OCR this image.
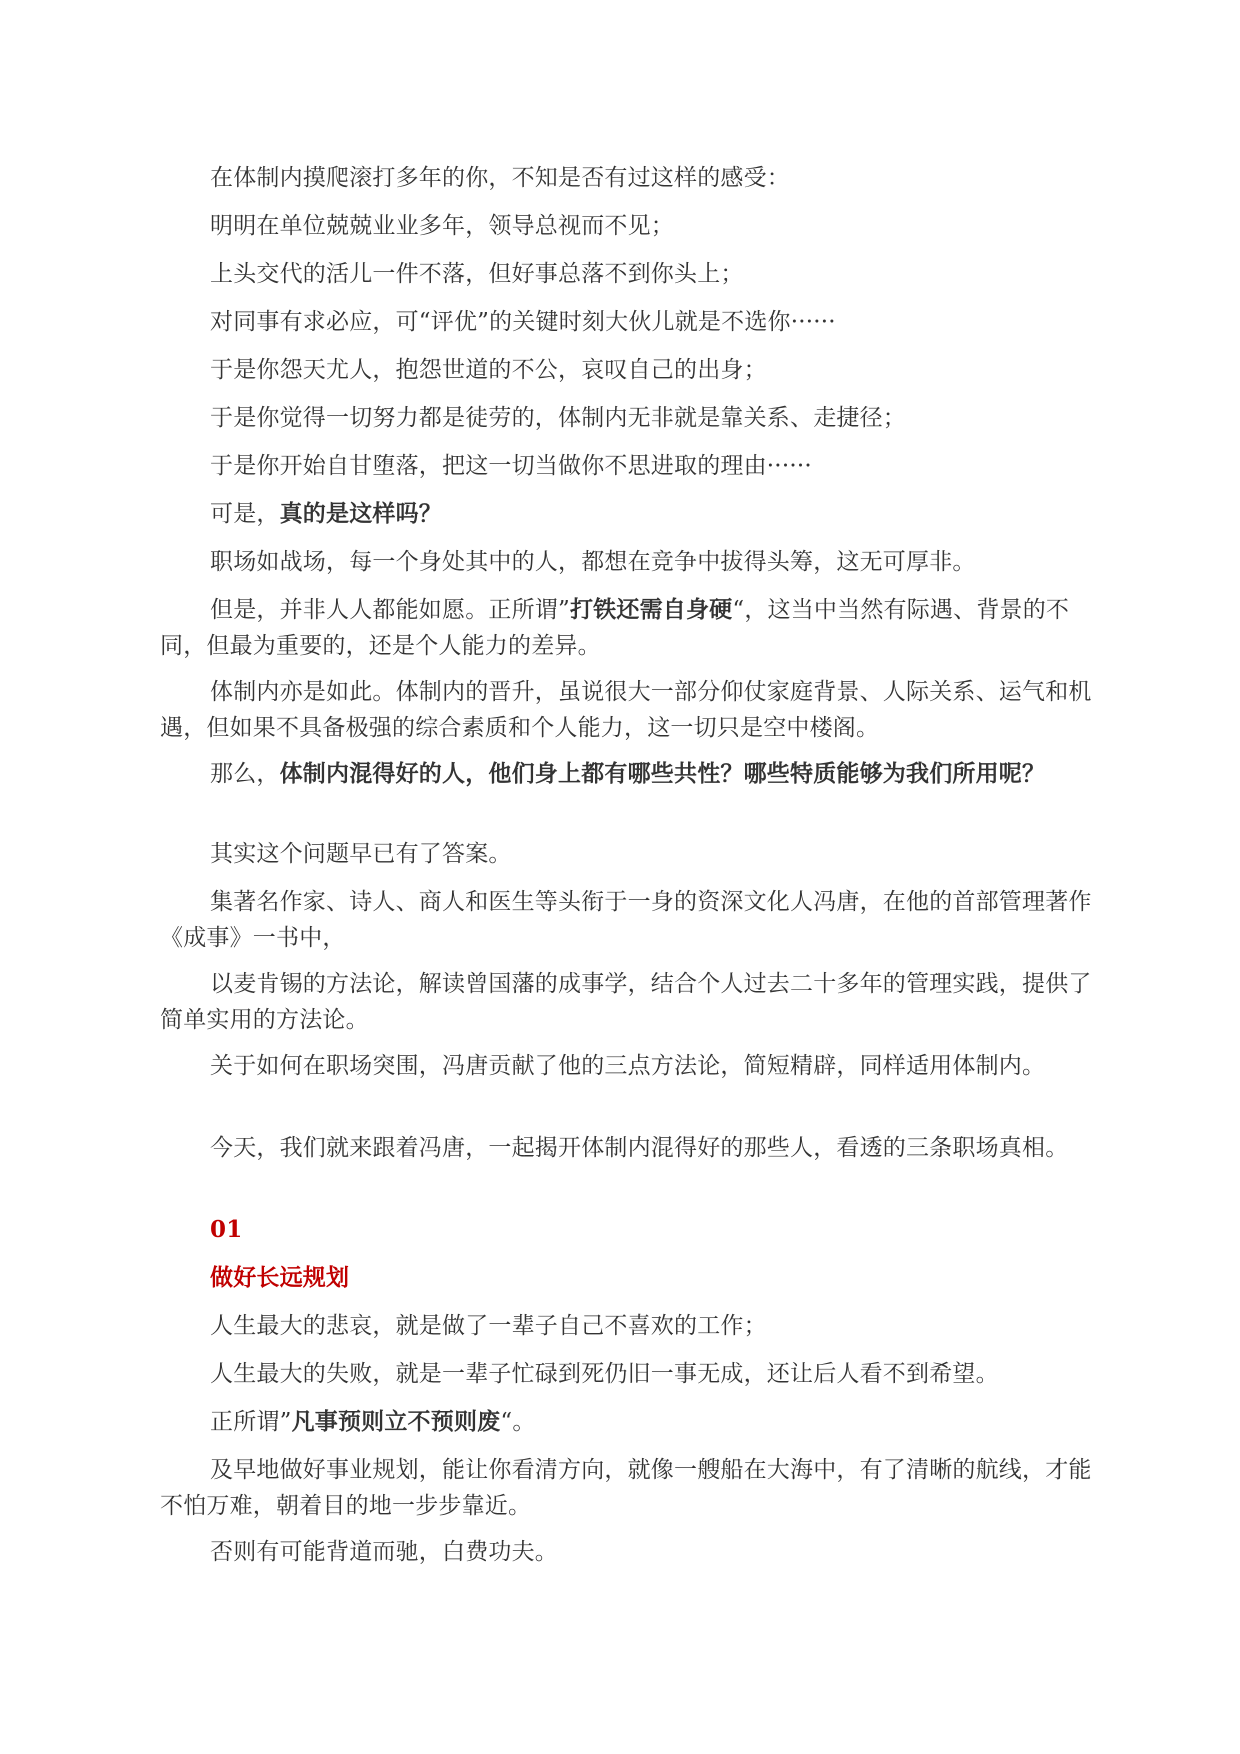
在体制内摸爬滚打多年的你，不知是否有过这样的感受：

明明在单位兢兢业业多年，领导总视而不见；

上头交代的活儿一件不落，但好事总落不到你头上；

对同事有求必应，可“评优”的关键时刻大伙儿就是不选你······

于是你怨天尤人，抱怨世道的不公，哀叹自己的出身；

于是你觉得一切努力都是徒劳的，体制内无非就是靠关系、走捷径；

于是你开始自甘堕落，把这一切当做你不思进取的理由······

可是，真的是这样吗？

职场如战场，每一个身处其中的人，都想在竞争中拔得头筹，这无可厚非。

但是，并非人人都能如愿。正所谓”打铁还需自身硬“，这当中当然有际遇、背景的不同，但最为重要的，还是个人能力的差异。

体制内亦是如此。体制内的晋升，虽说很大一部分仰仗家庭背景、人际关系、运气和机遇，但如果不具备极强的综合素质和个人能力，这一切只是空中楼阁。

那么，体制内混得好的人，他们身上都有哪些共性？哪些特质能够为我们所用呢？

其实这个问题早已有了答案。

集著名作家、诗人、商人和医生等头衔于一身的资深文化人冯唐，在他的首部管理著作《成事》一书中，

以麦肯锡的方法论，解读曾国藩的成事学，结合个人过去二十多年的管理实践，提供了简单实用的方法论。

关于如何在职场突围，冯唐贡献了他的三点方法论，简短精辟，同样适用体制内。

今天，我们就来跟着冯唐，一起揭开体制内混得好的那些人，看透的三条职场真相。

01

做好长远规划

人生最大的悲哀，就是做了一辈子自己不喜欢的工作；

人生最大的失败，就是一辈子忙碌到死仍旧一事无成，还让后人看不到希望。

正所谓”凡事预则立不预则废“。

及早地做好事业规划，能让你看清方向，就像一艘船在大海中，有了清晰的航线，才能不怕万难，朝着目的地一步步靠近。

否则有可能背道而驰，白费功夫。
